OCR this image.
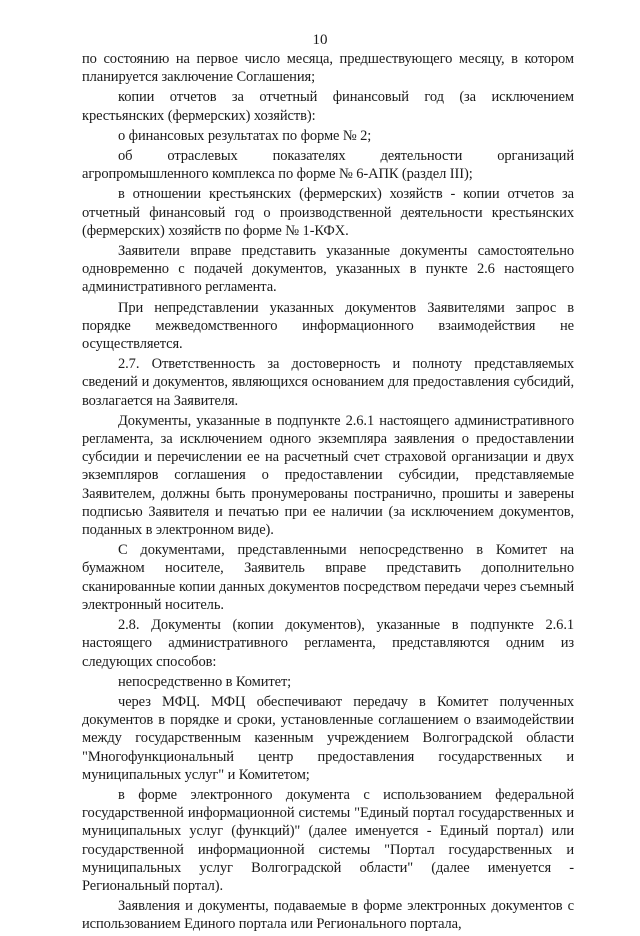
10

по состоянию на первое число месяца, предшествующего месяцу, в котором планируется заключение Соглашения;

копии отчетов за отчетный финансовый год (за исключением крестьянских (фермерских) хозяйств):

о финансовых результатах по форме № 2;

об отраслевых показателях деятельности организаций агропромышленного комплекса по форме № 6-АПК (раздел III);

в отношении крестьянских (фермерских) хозяйств - копии отчетов за отчетный финансовый год о производственной деятельности крестьянских (фермерских) хозяйств по форме № 1-КФХ.

Заявители вправе представить указанные документы самостоятельно одновременно с подачей документов, указанных в пункте 2.6 настоящего административного регламента.

При непредставлении указанных документов Заявителями запрос в порядке межведомственного информационного взаимодействия не осуществляется.

2.7. Ответственность за достоверность и полноту представляемых сведений и документов, являющихся основанием для предоставления субсидий, возлагается на Заявителя.

Документы, указанные в подпункте 2.6.1 настоящего административного регламента, за исключением одного экземпляра заявления о предоставлении субсидии и перечислении ее на расчетный счет страховой организации и двух экземпляров соглашения о предоставлении субсидии, представляемые Заявителем, должны быть пронумерованы постранично, прошиты и заверены подписью Заявителя и печатью при ее наличии (за исключением документов, поданных в электронном виде).

С документами, представленными непосредственно в Комитет на бумажном носителе, Заявитель вправе представить дополнительно сканированные копии данных документов посредством передачи через съемный электронный носитель.

2.8. Документы (копии документов), указанные в подпункте 2.6.1 настоящего административного регламента, представляются одним из следующих способов:

непосредственно в Комитет;

через МФЦ. МФЦ обеспечивают передачу в Комитет полученных документов в порядке и сроки, установленные соглашением о взаимодействии между государственным казенным учреждением Волгоградской области "Многофункциональный центр предоставления государственных и муниципальных услуг" и Комитетом;

в форме электронного документа с использованием федеральной государственной информационной системы "Единый портал государственных и муниципальных услуг (функций)" (далее именуется - Единый портал) или государственной информационной системы "Портал государственных и муниципальных услуг Волгоградской области" (далее именуется - Региональный портал).

Заявления и документы, подаваемые в форме электронных документов с использованием Единого портала или Регионального портала,
